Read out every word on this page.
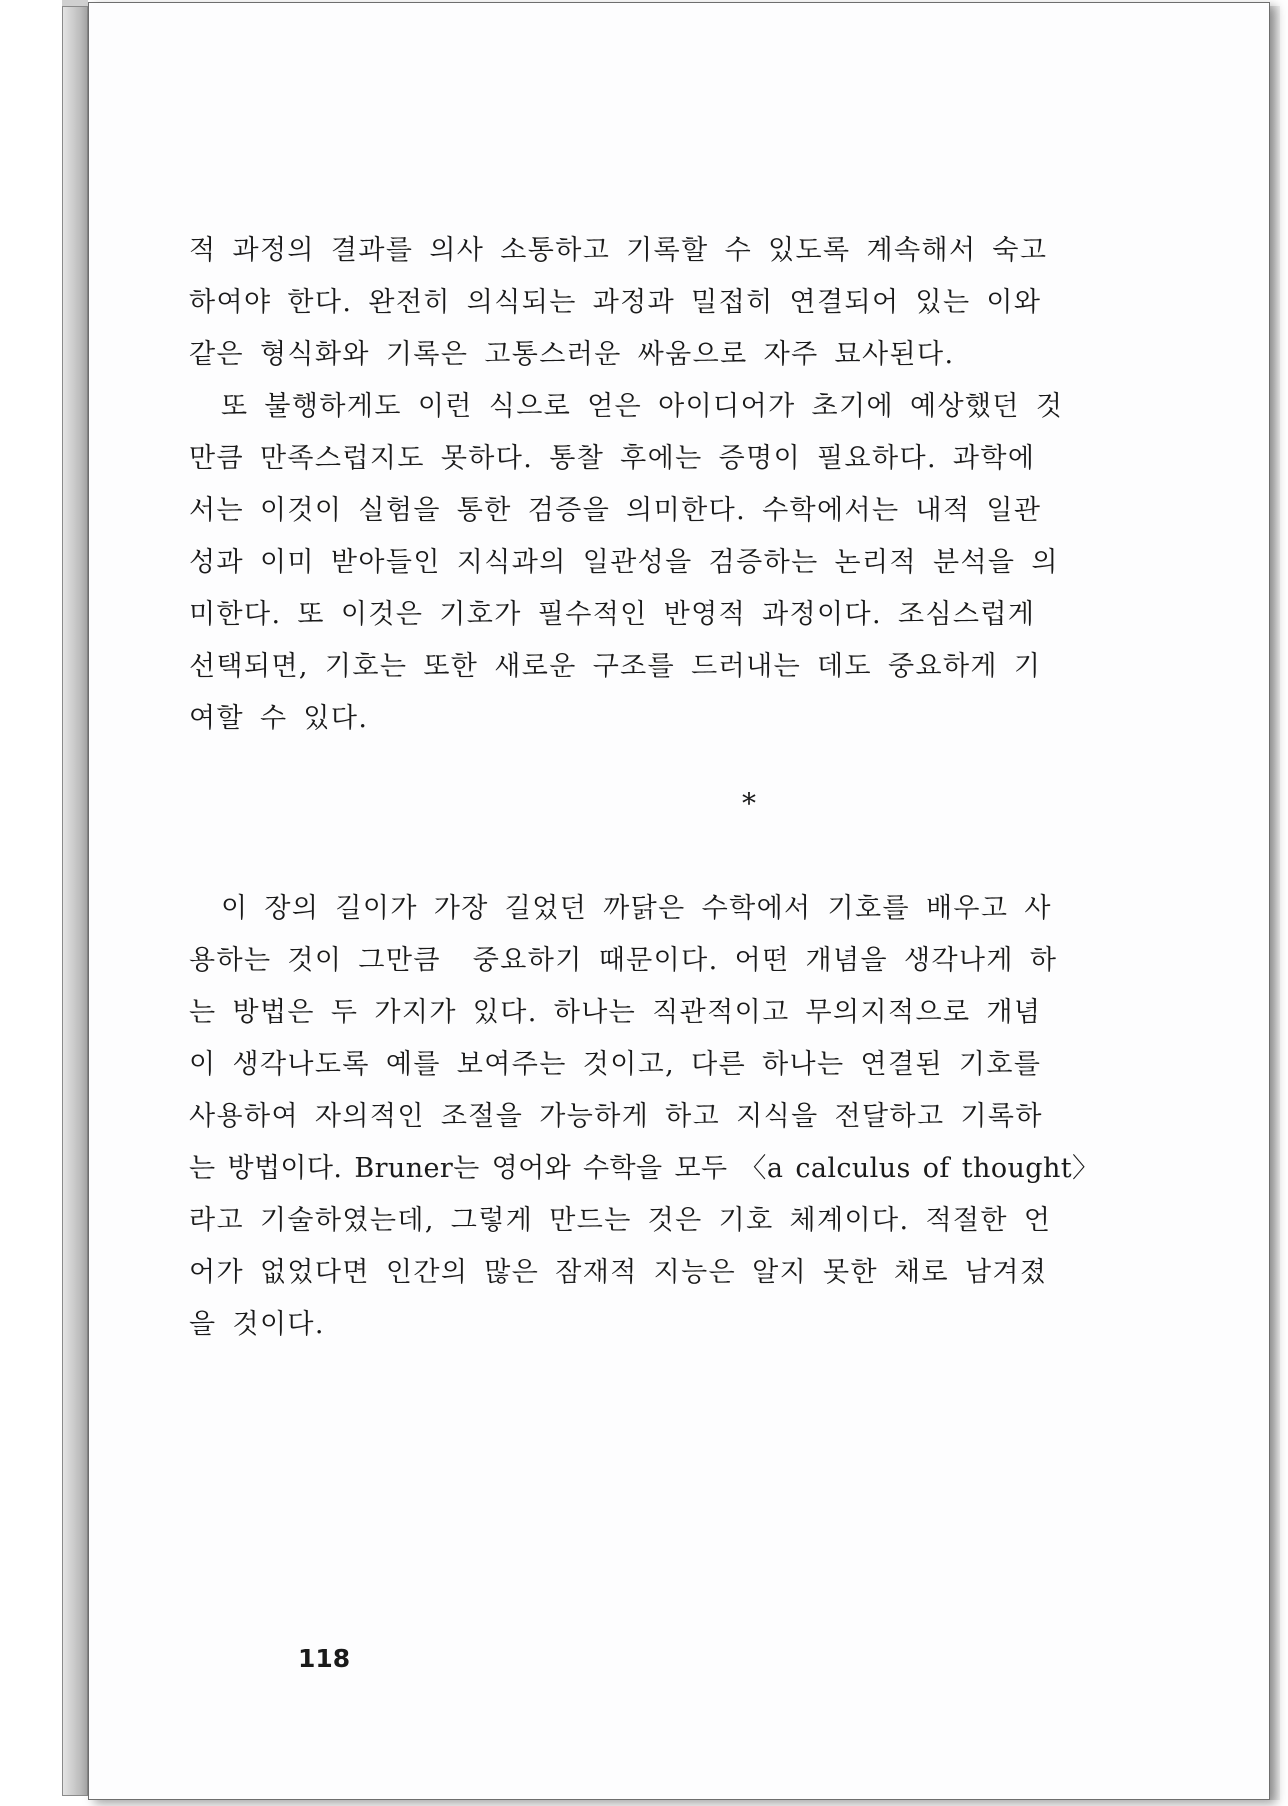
적 과정의 결과를 의사 소통하고 기록할 수 있도록 계속해서 숙고
하여야 한다. 완전히 의식되는 과정과 밀접히 연결되어 있는 이와
같은 형식화와 기록은 고통스러운 싸움으로 자주 묘사된다.
또 불행하게도 이런 식으로 얻은 아이디어가 초기에 예상했던 것
만큼 만족스럽지도 못하다. 통찰 후에는 증명이 필요하다. 과학에
서는 이것이 실험을 통한 검증을 의미한다. 수학에서는 내적 일관
성과 이미 받아들인 지식과의 일관성을 검증하는 논리적 분석을 의
미한다. 또 이것은 기호가 필수적인 반영적 과정이다. 조심스럽게
선택되면, 기호는 또한 새로운 구조를 드러내는 데도 중요하게 기
여할 수 있다.
*
이 장의 길이가 가장 길었던 까닭은 수학에서 기호를 배우고 사
용하는 것이 그만큼  중요하기 때문이다. 어떤 개념을 생각나게 하
는 방법은 두 가지가 있다. 하나는 직관적이고 무의지적으로 개념
이 생각나도록 예를 보여주는 것이고, 다른 하나는 연결된 기호를
사용하여 자의적인 조절을 가능하게 하고 지식을 전달하고 기록하
는 방법이다. Bruner는 영어와 수학을 모두 〈a calculus of thought〉
라고 기술하였는데, 그렇게 만드는 것은 기호 체계이다. 적절한 언
어가 없었다면 인간의 많은 잠재적 지능은 알지 못한 채로 남겨졌
을 것이다.
118
